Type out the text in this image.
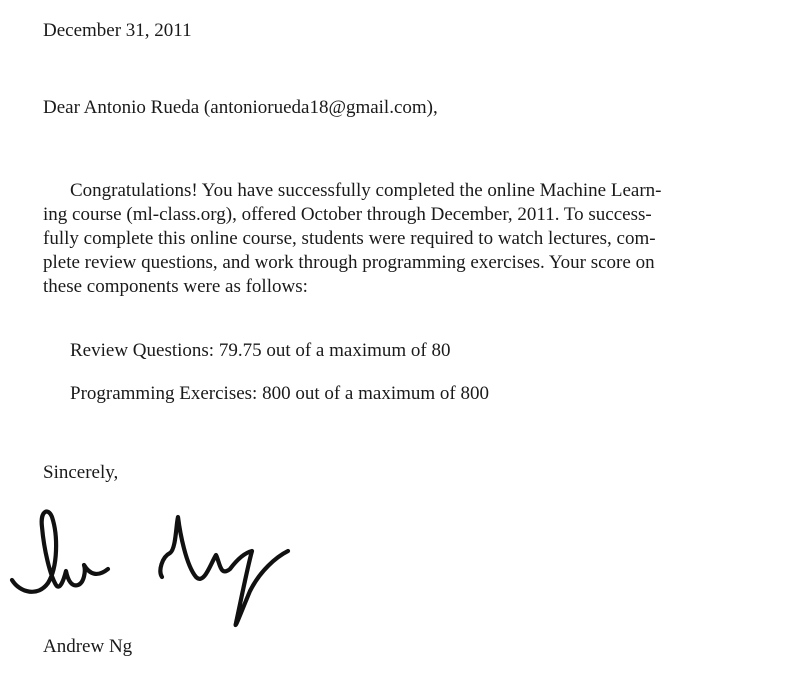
December 31, 2011

Dear Antonio Rueda (antoniorueda18@gmail.com),

Congratulations! You have successfully completed the online Machine Learn-

ing course (ml-class.org), offered October through December, 2011. To success-

fully complete this online course, students were required to watch lectures, com-

plete review questions, and work through programming exercises. Your score on

these components were as follows:

Review Questions: 79.75 out of a maximum of 80

Programming Exercises: 800 out of a maximum of 800

Sincerely,

Andrew Ng
